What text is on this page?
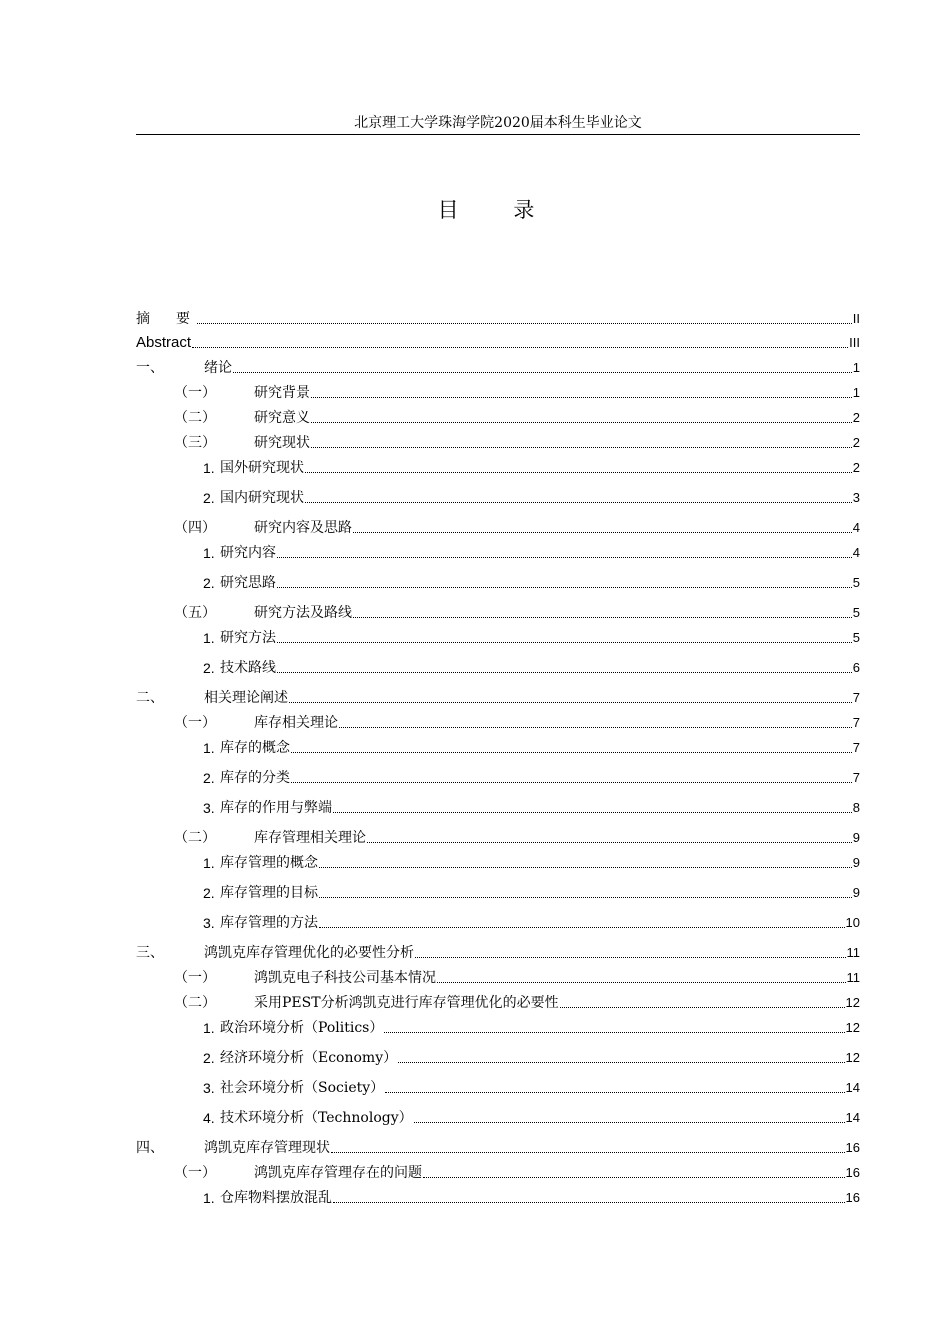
北京理工大学珠海学院2020届本科生毕业论文
目 录
摘　要	II
Abstract	III
一、	绪论	1
（一）	研究背景	1
（二）	研究意义	2
（三）	研究现状	2
1. 国外研究现状	2
2. 国内研究现状	3
（四）	研究内容及思路	4
1. 研究内容	4
2. 研究思路	5
（五）	研究方法及路线	5
1. 研究方法	5
2. 技术路线	6
二、	相关理论阐述	7
（一）	库存相关理论	7
1. 库存的概念	7
2. 库存的分类	7
3. 库存的作用与弊端	8
（二）	库存管理相关理论	9
1. 库存管理的概念	9
2. 库存管理的目标	9
3. 库存管理的方法	10
三、	鸿凯克库存管理优化的必要性分析	11
（一）	鸿凯克电子科技公司基本情况	11
（二）	采用PEST分析鸿凯克进行库存管理优化的必要性	12
1. 政治环境分析（Politics）	12
2. 经济环境分析（Economy）	12
3. 社会环境分析（Society）	14
4. 技术环境分析（Technology）	14
四、	鸿凯克库存管理现状	16
（一）	鸿凯克库存管理存在的问题	16
1. 仓库物料摆放混乱	16
